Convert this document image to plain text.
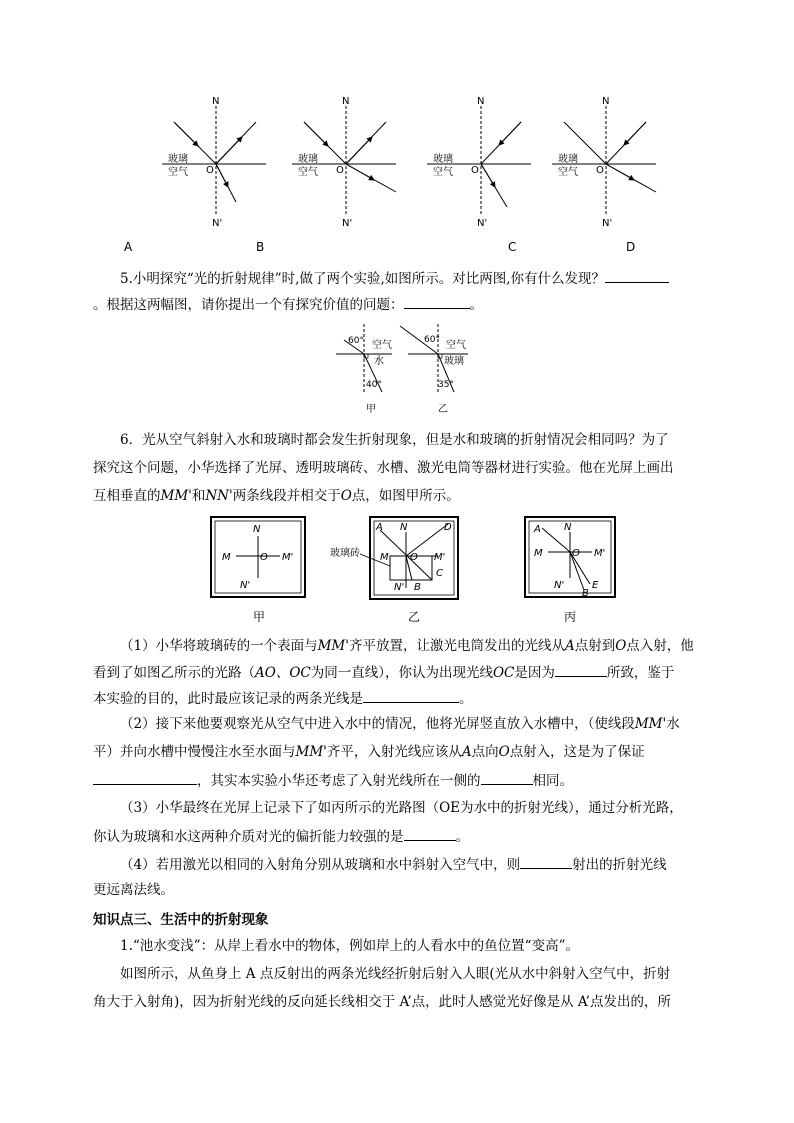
N
N'
O
玻璃
空气
N
N'
O
玻璃
空气
N
N'
O
玻璃
空气
N
N'
O
玻璃
空气
A	B	C	D
5.小明探究“光的折射规律”时,做了两个实验,如图所示。对比两图,你有什么发现？
。根据这两幅图，请你提出一个有探究价值的问题：	。
60° 空气
水
40°
60° 空气
玻璃
35°
甲	乙
6．光从空气斜射入水和玻璃时都会发生折射现象，但是水和玻璃的折射情况会相同吗？为了
探究这个问题，小华选择了光屏、透明玻璃砖、水槽、激光电筒等器材进行实验。他在光屏上画出
互相垂直的MM'和NN'两条线段并相交于O点，如图甲所示。
N
N'
M	M'
O
A N	D
M O M'
C
N' B
玻璃砖
A N
M	O M'
N'	E
B
甲	乙	丙
（1）小华将玻璃砖的一个表面与MM'齐平放置，让激光电筒发出的光线从A点射到O点入射，他
看到了如图乙所示的光路（AO、OC为同一直线），你认为出现光线OC是因为	所致，鉴于
本实验的目的，此时最应该记录的两条光线是	。
（2）接下来他要观察光从空气中进入水中的情况，他将光屏竖直放入水槽中，（使线段MM'水
平）并向水槽中慢慢注水至水面与MM'齐平，入射光线应该从A点向O点射入，这是为了保证
，其实本实验小华还考虑了入射光线所在一侧的	相同。
（3）小华最终在光屏上记录下了如丙所示的光路图（OE为水中的折射光线），通过分析光路，
你认为玻璃和水这两种介质对光的偏折能力较强的是	。
（4）若用激光以相同的入射角分别从玻璃和水中斜射入空气中，则	射出的折射光线
更远离法线。
知识点三、生活中的折射现象
1.“池水变浅”：从岸上看水中的物体，例如岸上的人看水中的鱼位置“变高”。
如图所示，从鱼身上 A 点反射出的两条光线经折射后射入人眼(光从水中斜射入空气中，折射
角大于入射角)，因为折射光线的反向延长线相交于 A’点，此时人感觉光好像是从 A’点发出的，所
